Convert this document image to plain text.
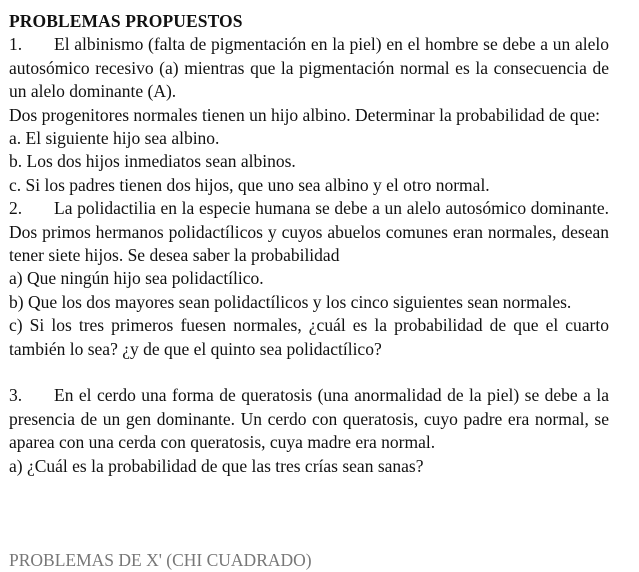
PROBLEMAS PROPUESTOS
1. El albinismo (falta de pigmentación en la piel) en el hombre se debe a un alelo autosómico recesivo (a) mientras que la pigmentación normal es la consecuencia de un alelo dominante (A).
Dos progenitores normales tienen un hijo albino. Determinar la probabilidad de que:
a. El siguiente hijo sea albino.
b. Los dos hijos inmediatos sean albinos.
c. Si los padres tienen dos hijos, que uno sea albino y el otro normal.
2. La polidactilia en la especie humana se debe a un alelo autosómico dominante. Dos primos hermanos polidactílicos y cuyos abuelos comunes eran normales, desean tener siete hijos. Se desea saber la probabilidad
a) Que ningún hijo sea polidactílico.
b) Que los dos mayores sean polidactílicos y los cinco siguientes sean normales.
c) Si los tres primeros fuesen normales, ¿cuál es la probabilidad de que el cuarto también lo sea? ¿y de que el quinto sea polidactílico?
3. En el cerdo una forma de queratosis (una anormalidad de la piel) se debe a la presencia de un gen dominante. Un cerdo con queratosis, cuyo padre era normal, se aparea con una cerda con queratosis, cuya madre era normal.
a) ¿Cuál es la probabilidad de que las tres crías sean sanas?
PROBLEMAS DE X' (CHI CUADRADO)
